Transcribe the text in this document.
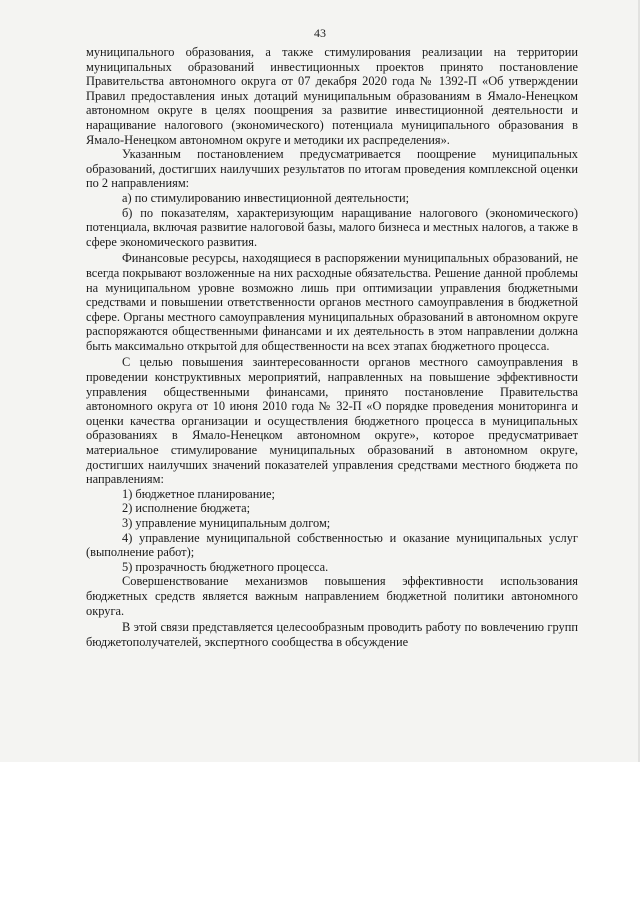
43

муниципального образования, а также стимулирования реализации на территории муниципальных образований инвестиционных проектов принято постановление Правительства автономного округа от 07 декабря 2020 года № 1392-П «Об утверждении Правил предоставления иных дотаций муниципальным образованиям в Ямало-Ненецком автономном округе в целях поощрения за развитие инвестиционной деятельности и наращивание налогового (экономического) потенциала муниципального образования в Ямало-Ненецком автономном округе и методики их распределения».

Указанным постановлением предусматривается поощрение муниципальных образований, достигших наилучших результатов по итогам проведения комплексной оценки по 2 направлениям:

а) по стимулированию инвестиционной деятельности;

б) по показателям, характеризующим наращивание налогового (экономического) потенциала, включая развитие налоговой базы, малого бизнеса и местных налогов, а также в сфере экономического развития.

Финансовые ресурсы, находящиеся в распоряжении муниципальных образований, не всегда покрывают возложенные на них расходные обязательства. Решение данной проблемы на муниципальном уровне возможно лишь при оптимизации управления бюджетными средствами и повышении ответственности органов местного самоуправления в бюджетной сфере. Органы местного самоуправления муниципальных образований в автономном округе распоряжаются общественными финансами и их деятельность в этом направлении должна быть максимально открытой для общественности на всех этапах бюджетного процесса.

С целью повышения заинтересованности органов местного самоуправления в проведении конструктивных мероприятий, направленных на повышение эффективности управления общественными финансами, принято постановление Правительства автономного округа от 10 июня 2010 года № 32-П «О порядке проведения мониторинга и оценки качества организации и осуществления бюджетного процесса в муниципальных образованиях в Ямало-Ненецком автономном округе», которое предусматривает материальное стимулирование муниципальных образований в автономном округе, достигших наилучших значений показателей управления средствами местного бюджета по направлениям:

1) бюджетное планирование;

2) исполнение бюджета;

3) управление муниципальным долгом;

4) управление муниципальной собственностью и оказание муниципальных услуг (выполнение работ);

5) прозрачность бюджетного процесса.

Совершенствование механизмов повышения эффективности использования бюджетных средств является важным направлением бюджетной политики автономного округа.

В этой связи представляется целесообразным проводить работу по вовлечению групп бюджетополучателей, экспертного сообщества в обсуждение
